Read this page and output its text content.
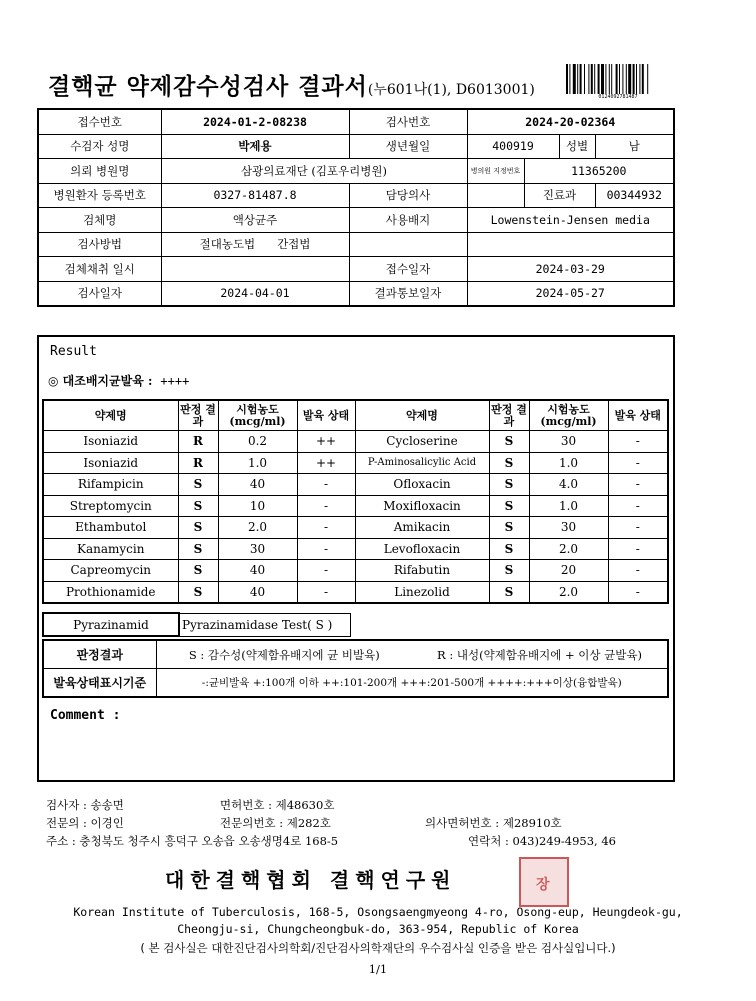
결핵균 약제감수성검사 결과서(누601나(1), D6013001)	0124092781487
접수번호	2024-01-2-08238	검사번호	2024-20-02364			
수검자 성명	박제용	생년월일	400919		성별	남
의뢰 병원명	삼광의료재단 (김포우리병원)		병의원 지정번호	11365200		
병원환자 등록번호	0327-81487.8	담당의사		진료과		00344932
검체명	액상균주	사용배지	Lowenstein-Jensen media			
검사방법	절대농도법 간접법					
검체채취 일시		접수일자	2024-03-29			
검사일자	2024-04-01	결과통보일자	2024-05-27			
Result
◎ 대조배지균발육 : ++++
약제명	판정 결과	시험농도 (mcg/ml)	발육 상태	약제명	판정 결과	시험농도 (mcg/ml)	발육 상태
Isoniazid	R	0.2	++	Cycloserine	S	30	-
Isoniazid	R	1.0	++	P-Aminosalicylic Acid	S	1.0	-
Rifampicin	S	40	-	Ofloxacin	S	4.0	-
Streptomycin	S	10	-	Moxifloxacin	S	1.0	-
Ethambutol	S	2.0	-	Amikacin	S	30	-
Kanamycin	S	30	-	Levofloxacin	S	2.0	-
Capreomycin	S	40	-	Rifabutin	S	20	-
Prothionamide	S	40	-	Linezolid	S	2.0	-
Pyrazinamid	Pyrazinamidase Test( S )
판정결과	S : 감수성(약제함유배지에 균 비발육)	R : 내성(약제함유배지에 + 이상 균발육)
발육상태표시기준	-:균비발육 +:100개 이하 ++:101-200개 +++:201-500개 ++++:+++이상(융합발육)	
Comment :
검사자 : 송송면	면허번호 : 제48630호
전문의 : 이경인	전문의번호 : 제282호	의사면허번호 : 제28910호
주소 : 충청북도 청주시 흥덕구 오송읍 오송생명4로 168-5	연락처 : 043)249-4953, 46
대한결핵협회 결핵연구원	장
Korean Institute of Tuberculosis, 168-5, Osongsaengmyeong 4-ro, Osong-eup, Heungdeok-gu,
Cheongju-si, Chungcheongbuk-do, 363-954, Republic of Korea
( 본 검사실은 대한진단검사의학회/진단검사의학재단의 우수검사실 인증을 받은 검사실입니다.)
1/1
